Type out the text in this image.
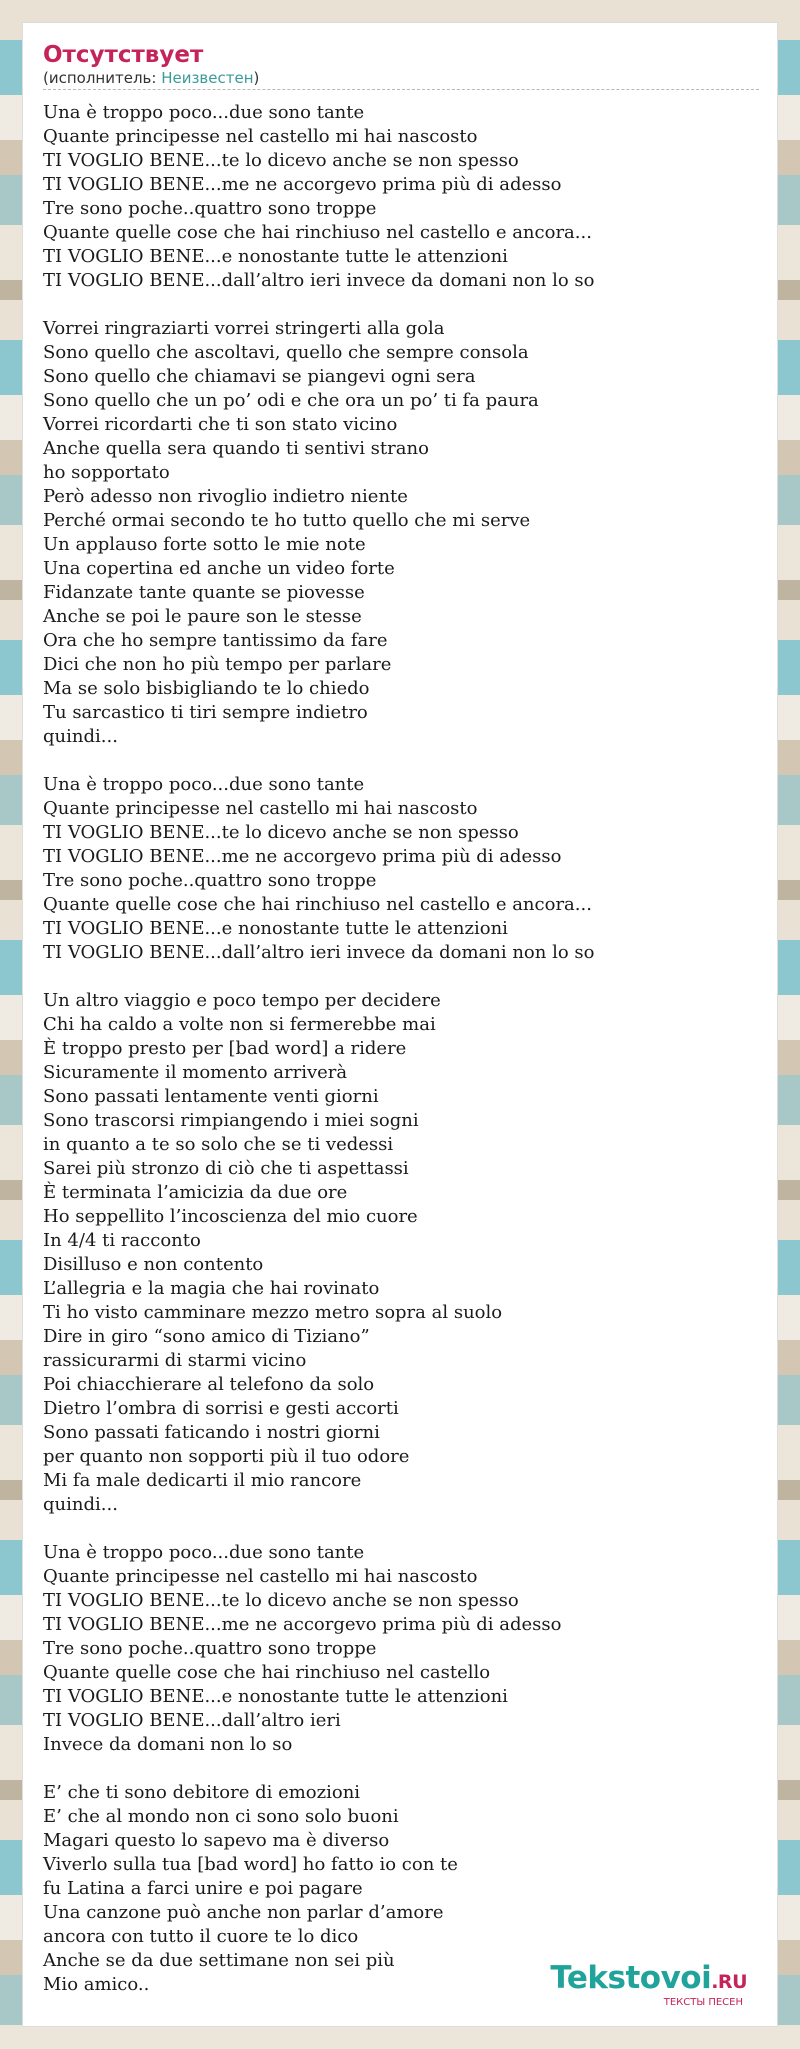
Отсутствует
(исполнитель: Неизвестен)
Una è troppo poco...due sono tante
Quante principesse nel castello mi hai nascosto
TI VOGLIO BENE...te lo dicevo anche se non spesso
TI VOGLIO BENE...me ne accorgevo prima più di adesso
Tre sono poche..quattro sono troppe
Quante quelle cose che hai rinchiuso nel castello e ancora...
TI VOGLIO BENE...e nonostante tutte le attenzioni
TI VOGLIO BENE...dall’altro ieri invece da domani non lo so

Vorrei ringraziarti vorrei stringerti alla gola
Sono quello che ascoltavi, quello che sempre consola
Sono quello che chiamavi se piangevi ogni sera
Sono quello che un po’ odi e che ora un po’ ti fa paura
Vorrei ricordarti che ti son stato vicino
Anche quella sera quando ti sentivi strano
ho sopportato
Però adesso non rivoglio indietro niente
Perché ormai secondo te ho tutto quello che mi serve
Un applauso forte sotto le mie note
Una copertina ed anche un video forte
Fidanzate tante quante se piovesse
Anche se poi le paure son le stesse
Ora che ho sempre tantissimo da fare
Dici che non ho più tempo per parlare
Ma se solo bisbigliando te lo chiedo
Tu sarcastico ti tiri sempre indietro
quindi...

Una è troppo poco...due sono tante
Quante principesse nel castello mi hai nascosto
TI VOGLIO BENE...te lo dicevo anche se non spesso
TI VOGLIO BENE...me ne accorgevo prima più di adesso
Tre sono poche..quattro sono troppe
Quante quelle cose che hai rinchiuso nel castello e ancora...
TI VOGLIO BENE...e nonostante tutte le attenzioni
TI VOGLIO BENE...dall’altro ieri invece da domani non lo so

Un altro viaggio e poco tempo per decidere
Chi ha caldo a volte non si fermerebbe mai
È troppo presto per [bad word] a ridere
Sicuramente il momento arriverà
Sono passati lentamente venti giorni
Sono trascorsi rimpiangendo i miei sogni
in quanto a te so solo che se ti vedessi
Sarei più stronzo di ciò che ti aspettassi
È terminata l’amicizia da due ore
Ho seppellito l’incoscienza del mio cuore
In 4/4 ti racconto
Disilluso e non contento
L’allegria e la magia che hai rovinato
Ti ho visto camminare mezzo metro sopra al suolo
Dire in giro “sono amico di Tiziano”
rassicurarmi di starmi vicino
Poi chiacchierare al telefono da solo
Dietro l’ombra di sorrisi e gesti accorti
Sono passati faticando i nostri giorni
per quanto non sopporti più il tuo odore
Mi fa male dedicarti il mio rancore
quindi...

Una è troppo poco...due sono tante
Quante principesse nel castello mi hai nascosto
TI VOGLIO BENE...te lo dicevo anche se non spesso
TI VOGLIO BENE...me ne accorgevo prima più di adesso
Tre sono poche..quattro sono troppe
Quante quelle cose che hai rinchiuso nel castello
TI VOGLIO BENE...e nonostante tutte le attenzioni
TI VOGLIO BENE...dall’altro ieri
Invece da domani non lo so

E’ che ti sono debitore di emozioni
E’ che al mondo non ci sono solo buoni
Magari questo lo sapevo ma è diverso
Viverlo sulla tua [bad word] ho fatto io con te
fu Latina a farci unire e poi pagare
Una canzone può anche non parlar d’amore
ancora con tutto il cuore te lo dico
Anche se da due settimane non sei più
Mio amico..	Tekstovoi.RU
ТЕКСТЫ ПЕСЕН
